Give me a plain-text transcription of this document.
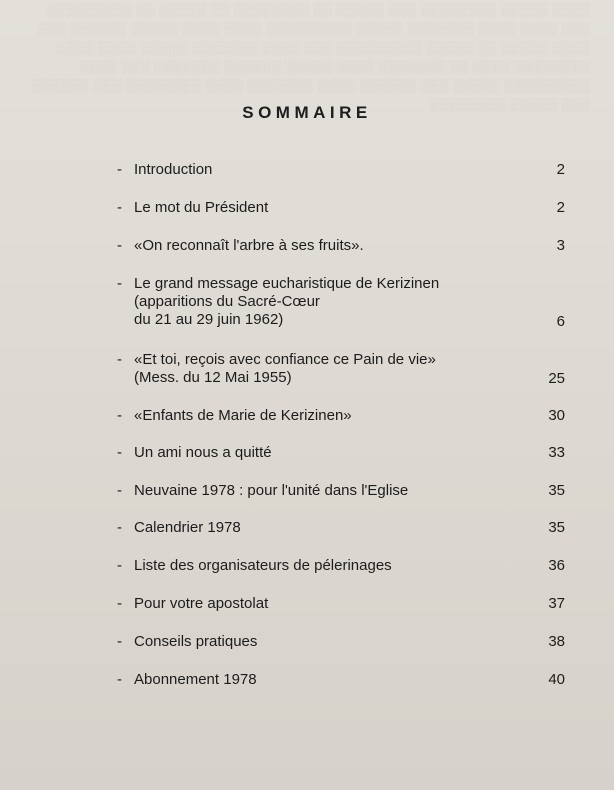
░░░░ ░░░░░ ░░░░░░░░ ░░░ ░░░░░ ░░ ░░░░░░░░ ░░ ░░░░░ ░░ ░░░░░░░░░ ░░░ ░░░░ ░░░░ ░░░░░░░ ░░░░░ ░░░░░░░░░ ░░░░ ░░░░ ░░░░░ ░░░░░░ ░░░ ░░░░ ░░░░░ ░░ ░░░░░ ░░░░░░░░░ ░░░ ░░░░ ░░░░░░░ ░░░░░ ░░░░ ░░░░ ░░░░░░░░ ░░░░ ░░ ░░░░░░░ ░░░░ ░░░░░ ░░░░░░ ░░░░░░░ ░░░ ░░░░ ░░░░░░░░░ ░░░░░ ░░░ ░░░░░░ ░░░░ ░░░░░░░ ░░░░ ░░░░░░░░ ░░░ ░░░░░░ ░░░ ░░░░░ ░░░░░░░░
SOMMAIRE
- Introduction	2
- Le mot du Président	2
- «On reconnaît l'arbre à ses fruits».	3
- Le grand message eucharistique de Kerizinen
(apparitions du Sacré-Cœur
du 21 au 29 juin 1962)	6
- «Et toi, reçois avec confiance ce Pain de vie»
(Mess. du 12 Mai 1955)	25
- «Enfants de Marie de Kerizinen»	30
- Un ami nous a quitté	33
- Neuvaine 1978 : pour l'unité dans l'Eglise	35
- Calendrier 1978	35
- Liste des organisateurs de pélerinages	36
- Pour votre apostolat	37
- Conseils pratiques	38
- Abonnement 1978	40
